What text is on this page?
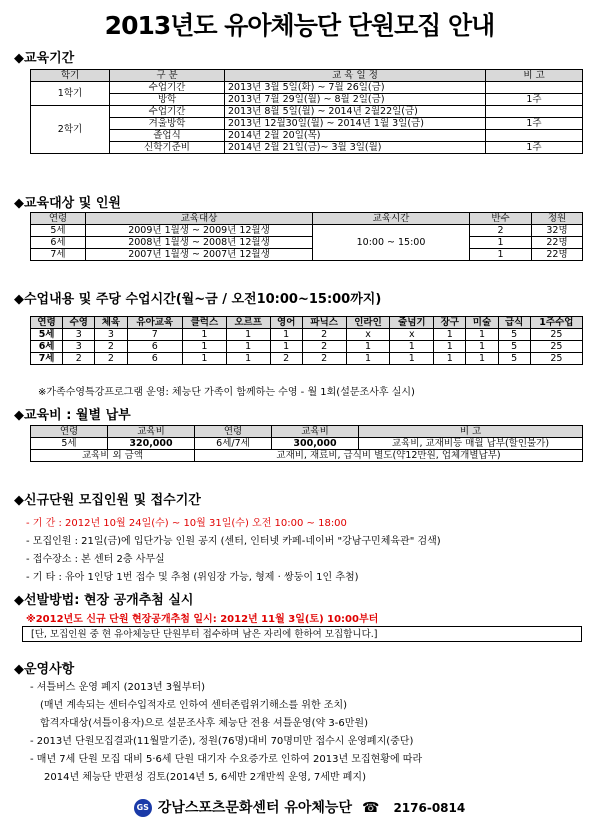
2013년도 유아체능단 단원모집 안내
◆교육기간
학기	구 분	교 육 일 정	비 고
1학기	수업기간	2013년 3월 5일(화) ~ 7월 26일(금)	
	방학	2013년 7월 29일(월) ~ 8월 2일(금)	1주
2학기	수업기간	2013년 8월 5일(월) ~ 2014년 2월22일(금)	
	겨울방학	2013년 12월30일(월) ~ 2014년 1월 3일(금)	1주
	졸업식	2014년 2월 20일(목)	
	신학기준비	2014년 2월 21일(금)~ 3월 3일(월)	1주
◆교육대상 및 인원
연령	교육대상	교육시간	반수	정원
5세	2009년 1월생 ~ 2009년 12월생	10:00 ~ 15:00	2	32명
6세	2008년 1월생 ~ 2008년 12월생		1	22명
7세	2007년 1월생 ~ 2007년 12월생		1	22명
◆수업내용 및 주당 수업시간(월~금 / 오전10:00~15:00까지)
연령	수영	체육	유아교육	클럭스	오르프	영어	파닉스	인라인	줄넘기	장구	미술	급식	1주수업
5세	3	3	7	1	1	1	2	x	x	1	1	5	25
6세	3	2	6	1	1	1	2	1	1	1	1	5	25
7세	2	2	6	1	1	2	2	1	1	1	1	5	25
※가족수영특강프로그램 운영: 체능단 가족이 함께하는 수영 - 월 1회(설문조사후 실시)
◆교육비 : 월별 납부
연령	교육비	연령	교육비	비 고
5세	320,000	6세/7세	300,000	교육비, 교재비등 매월 납부(할인불가)
교육비 외 금액		교재비, 재료비, 급식비 별도(약12만원, 업체개별납부)		
◆신규단원 모집인원 및 접수기간
- 기 간 : 2012년 10월 24일(수) ~ 10월 31일(수) 오전 10:00 ~ 18:00
- 모집인원 : 21일(금)에 입단가능 인원 공지 (센터, 인터넷 카페-네이버 "강남구민체육관" 검색)
- 접수장소 : 본 센터 2층 사무실
- 기 타 : 유아 1인당 1번 접수 및 추첨 (위임장 가능, 형제 · 쌍둥이 1인 추첨)
◆선발방법: 현장 공개추첨 실시
※2012년도 신규 단원 현장공개추첨 일시: 2012년 11월 3일(토) 10:00부터
[단, 모집인원 중 현 유아체능단 단원부터 접수하며 남은 자리에 한하여 모집합니다.]
◆운영사항
- 셔틀버스 운영 폐지 (2013년 3월부터)
(매년 계속되는 센터수입적자로 인하여 센터존립위기해소를 위한 조치)
합격자대상(셔틀이용자)으로 설문조사후 체능단 전용 셔틀운영(약 3-6만원)
- 2013년 단원모집결과(11월말기준), 정원(76명)대비 70명미만 접수시 운영폐지(중단)
- 매년 7세 단원 모집 대비 5·6세 단원 대기자 수요증가로 인하여 2013년 모집현황에 따라
2014년 체능단 반편성 검토(2014년 5, 6세반 2개반씩 운영, 7세반 폐지)
GS 강남스포츠문화센터 유아체능단 ☎ 2176-0814
